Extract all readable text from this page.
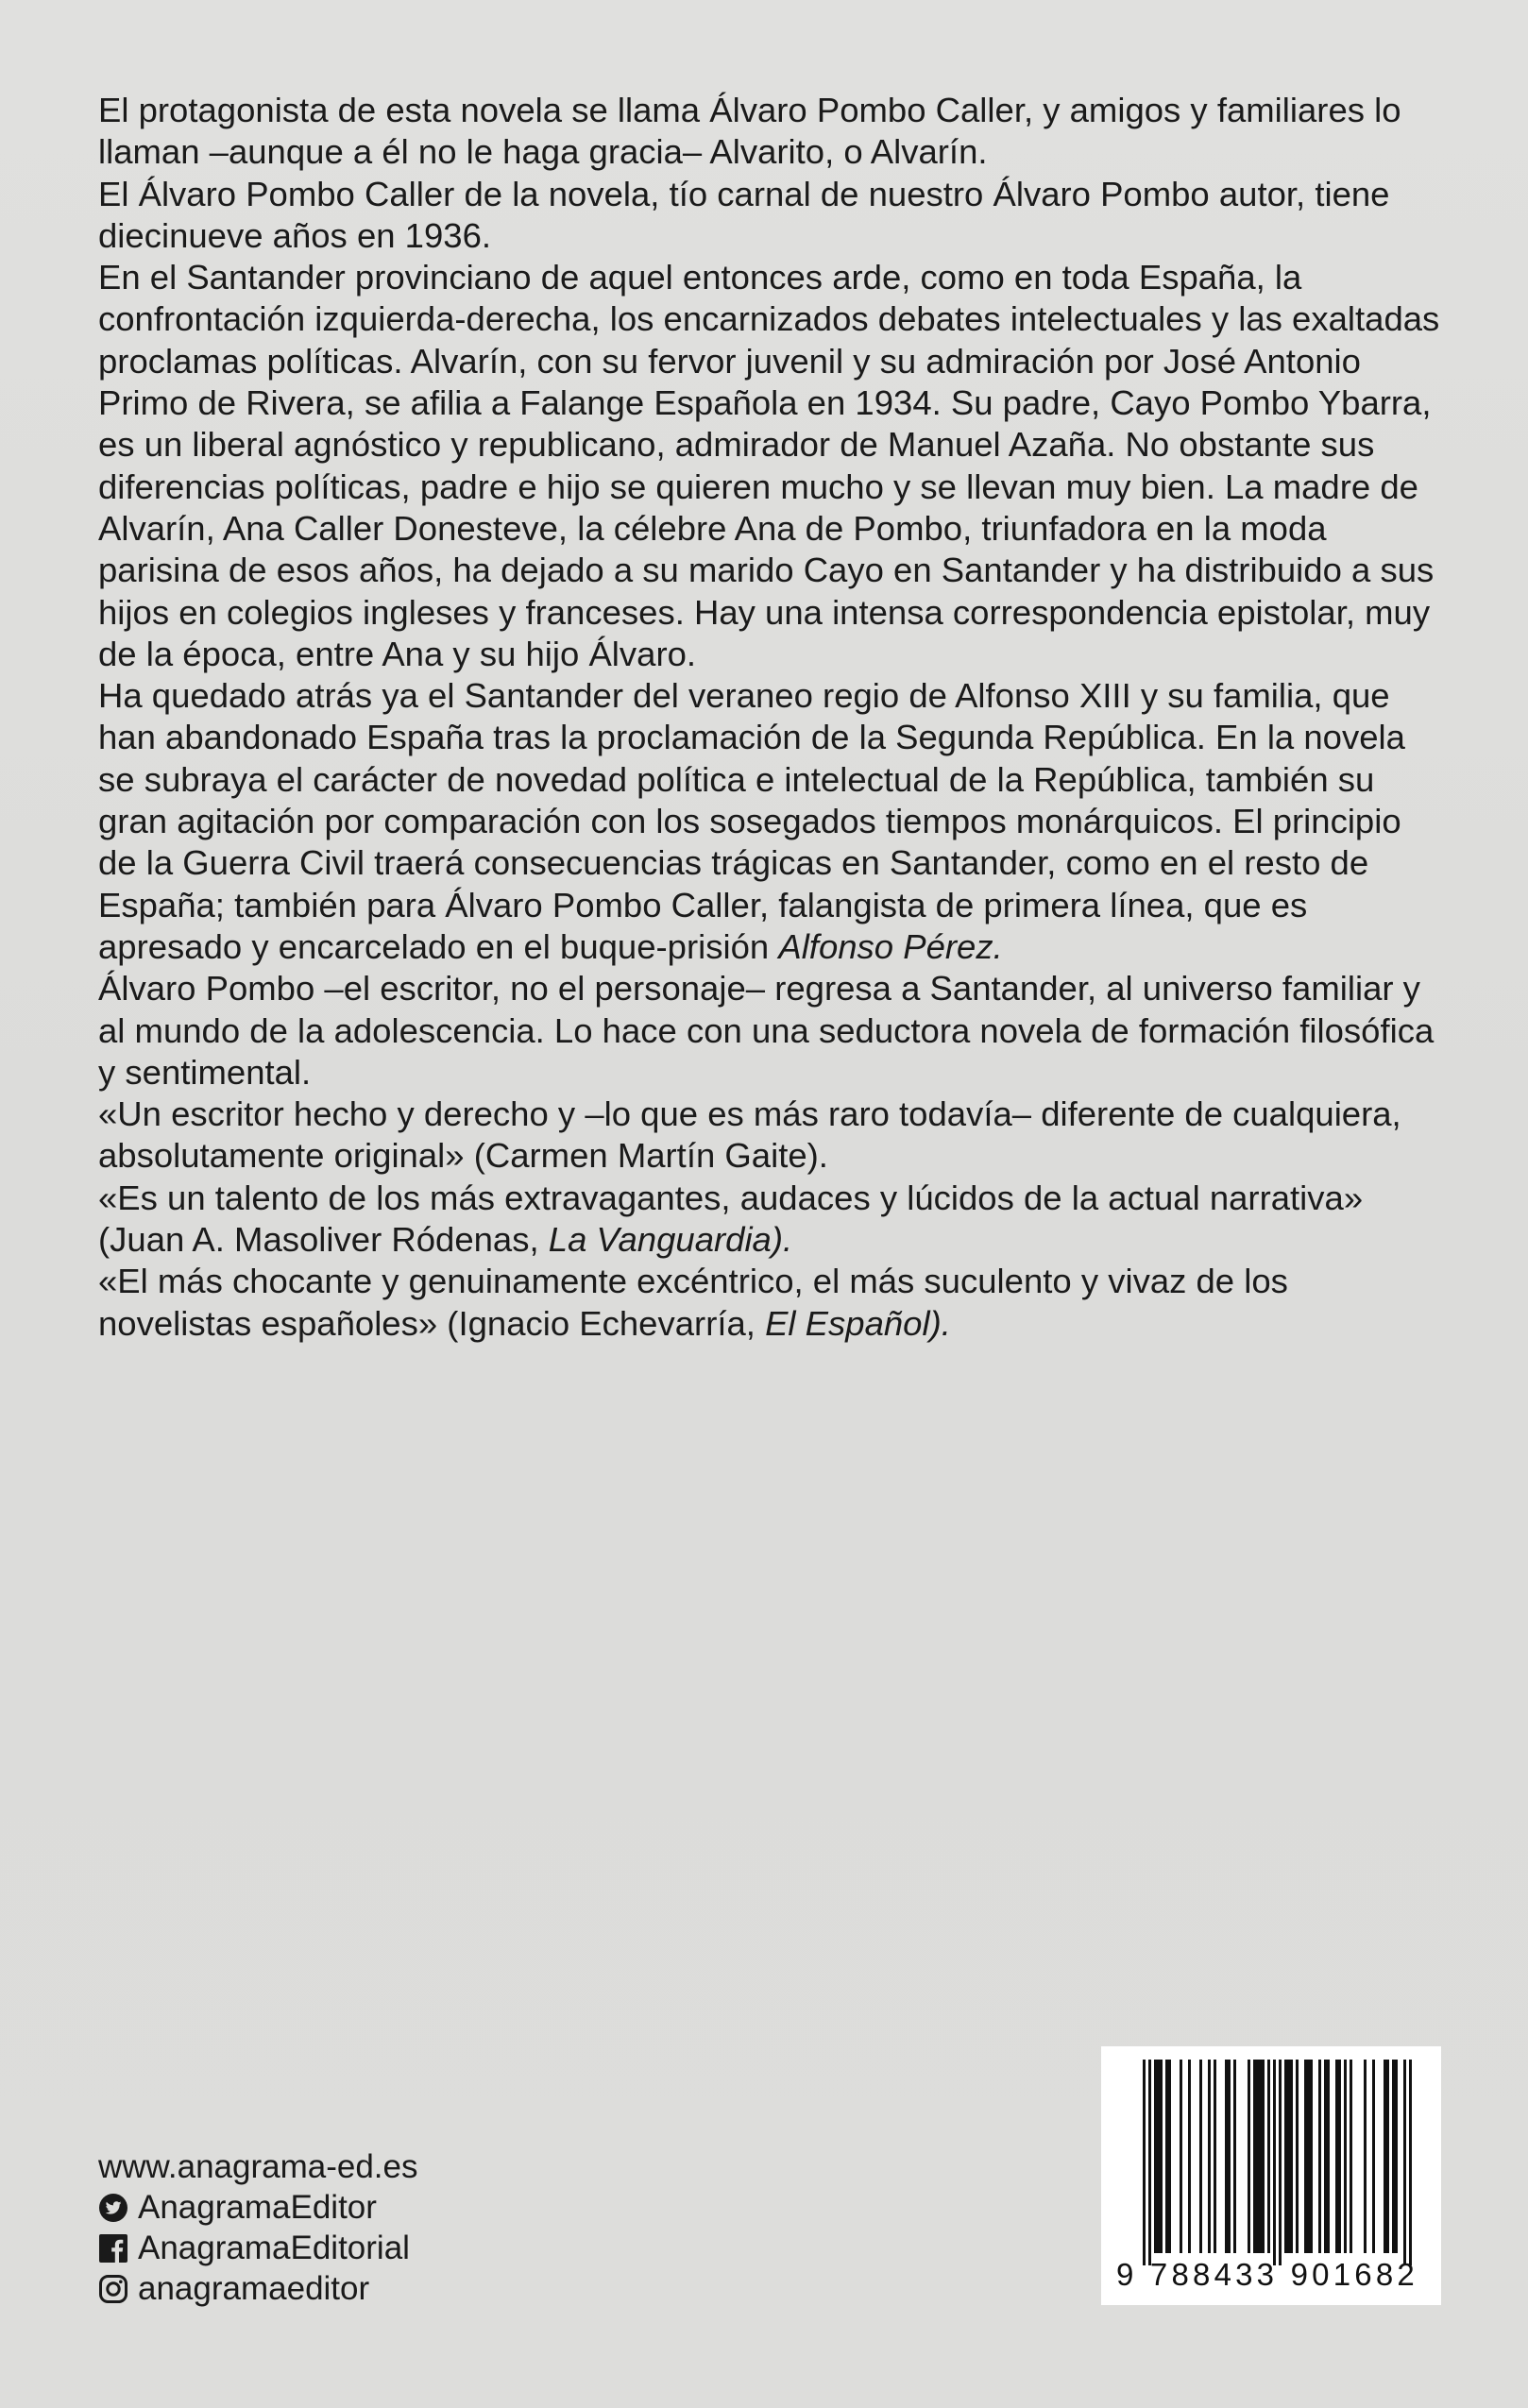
El protagonista de esta novela se llama Álvaro Pombo Caller, y amigos y familiares lo llaman –aunque a él no le haga gracia– Alvarito, o Alvarín.

El Álvaro Pombo Caller de la novela, tío carnal de nuestro Álvaro Pombo autor, tiene diecinueve años en 1936.

En el Santander provinciano de aquel entonces arde, como en toda España, la confrontación izquierda-derecha, los encarnizados debates intelectuales y las exaltadas proclamas políticas. Alvarín, con su fervor juvenil y su admiración por José Antonio Primo de Rivera, se afilia a Falange Española en 1934. Su padre, Cayo Pombo Ybarra, es un liberal agnóstico y republicano, admirador de Manuel Azaña. No obstante sus diferencias políticas, padre e hijo se quieren mucho y se llevan muy bien. La madre de Alvarín, Ana Caller Donesteve, la célebre Ana de Pombo, triunfadora en la moda parisina de esos años, ha dejado a su marido Cayo en Santander y ha distribuido a sus hijos en colegios ingleses y franceses. Hay una intensa correspondencia epistolar, muy de la época, entre Ana y su hijo Álvaro.

Ha quedado atrás ya el Santander del veraneo regio de Alfonso XIII y su familia, que han abandonado España tras la proclamación de la Segunda República. En la novela se subraya el carácter de novedad política e intelectual de la República, también su gran agitación por comparación con los sosegados tiempos monárquicos. El principio de la Guerra Civil traerá consecuencias trágicas en Santander, como en el resto de España; también para Álvaro Pombo Caller, falangista de primera línea, que es apresado y encarcelado en el buque-prisión Alfonso Pérez.

Álvaro Pombo –el escritor, no el personaje– regresa a Santander, al universo familiar y al mundo de la adolescencia. Lo hace con una seductora novela de formación filosófica y sentimental.

«Un escritor hecho y derecho y –lo que es más raro todavía– diferente de cualquiera, absolutamente original» (Carmen Martín Gaite).

«Es un talento de los más extravagantes, audaces y lúcidos de la actual narrativa» (Juan A. Masoliver Ródenas, La Vanguardia).

«El más chocante y genuinamente excéntrico, el más suculento y vivaz de los novelistas españoles» (Ignacio Echevarría, El Español).

www.anagrama-ed.es
AnagramaEditor
AnagramaEditorial
anagramaeditor	9 788433 901682
